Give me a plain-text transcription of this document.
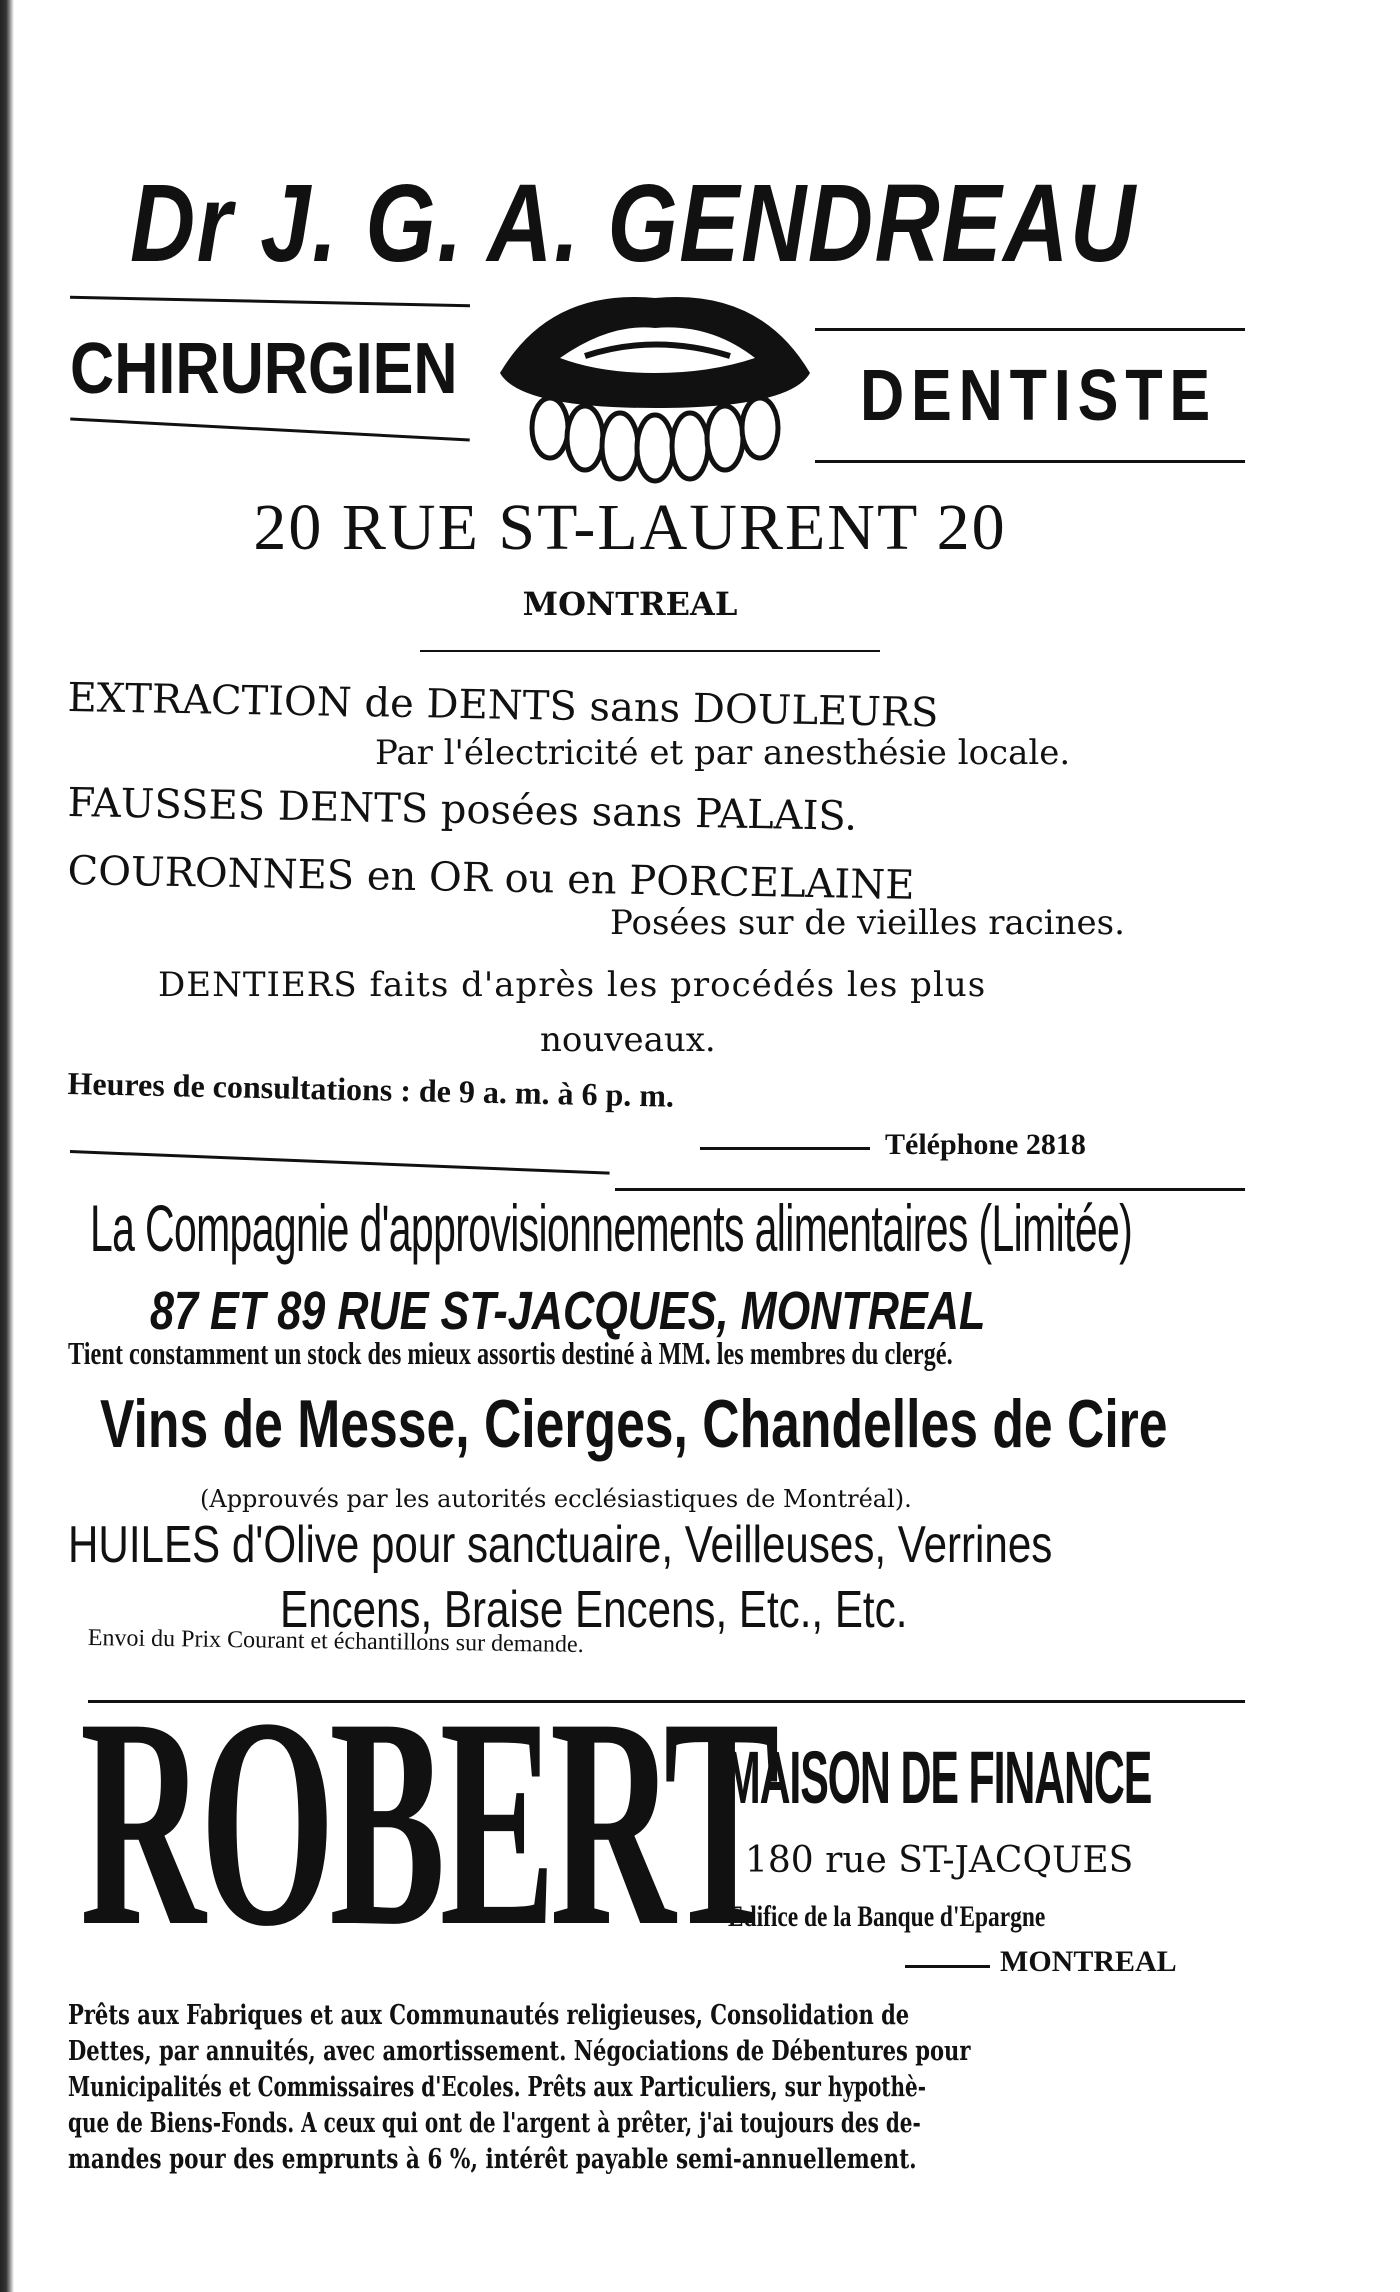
Dr J. G. A. GENDREAU
CHIRURGIEN	DENTISTE
20 RUE ST-LAURENT 20
MONTREAL
EXTRACTION de DENTS sans DOULEURS
Par l'électricité et par anesthésie locale.
FAUSSES DENTS posées sans PALAIS.
COURONNES en OR ou en PORCELAINE
Posées sur de vieilles racines.
DENTIERS faits d'après les procédés les plus
nouveaux.
Heures de consultations : de 9 a. m. à 6 p. m.
Téléphone 2818
La Compagnie d'approvisionnements alimentaires (Limitée)
87 ET 89 RUE ST-JACQUES, MONTREAL
Tient constamment un stock des mieux assortis destiné à MM. les membres du clergé.
Vins de Messe, Cierges, Chandelles de Cire
(Approuvés par les autorités ecclésiastiques de Montréal).
HUILES d'Olive pour sanctuaire, Veilleuses, Verrines
Encens, Braise Encens, Etc., Etc.
Envoi du Prix Courant et échantillons sur demande.
ROBERT
MAISON DE FINANCE
180 rue ST-JACQUES
Edifice de la Banque d'Epargne
MONTREAL
Prêts aux Fabriques et aux Communautés religieuses, Consolidation de
Dettes, par annuités, avec amortissement. Négociations de Débentures pour
Municipalités et Commissaires d'Ecoles. Prêts aux Particuliers, sur hypothè-
que de Biens-Fonds. A ceux qui ont de l'argent à prêter, j'ai toujours des de-
mandes pour des emprunts à 6 %, intérêt payable semi-annuellement.
